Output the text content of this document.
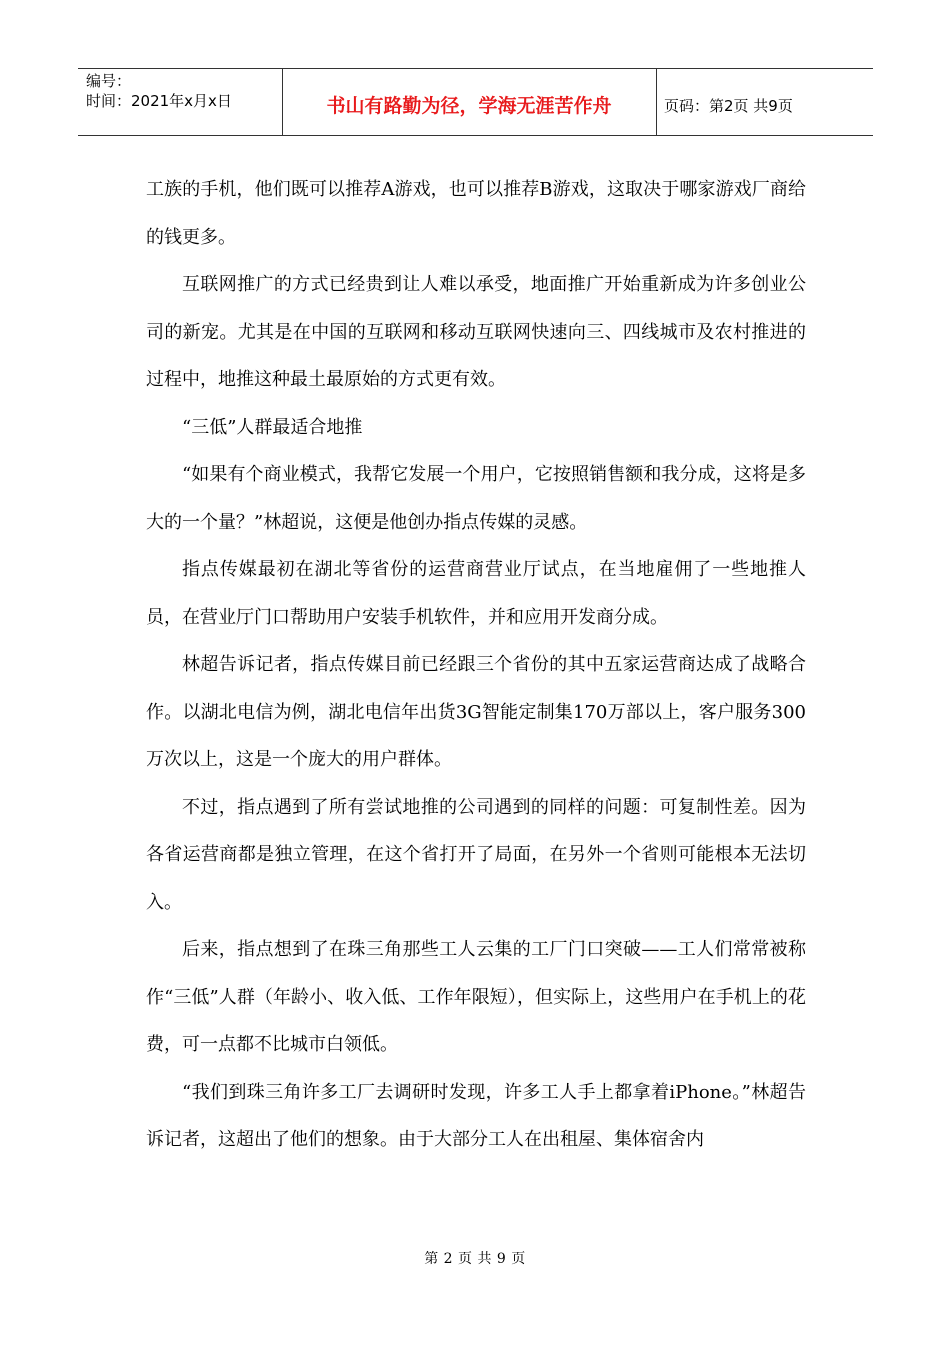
编号：
时间：2021年x月x日	书山有路勤为径，学海无涯苦作舟	页码：第2页 共9页

工族的手机，他们既可以推荐A游戏，也可以推荐B游戏，这取决于哪家游戏厂商给的钱更多。

互联网推广的方式已经贵到让人难以承受，地面推广开始重新成为许多创业公司的新宠。尤其是在中国的互联网和移动互联网快速向三、四线城市及农村推进的过程中，地推这种最土最原始的方式更有效。

“三低”人群最适合地推

“如果有个商业模式，我帮它发展一个用户，它按照销售额和我分成，这将是多大的一个量？”林超说，这便是他创办指点传媒的灵感。

指点传媒最初在湖北等省份的运营商营业厅试点，在当地雇佣了一些地推人员，在营业厅门口帮助用户安装手机软件，并和应用开发商分成。

林超告诉记者，指点传媒目前已经跟三个省份的其中五家运营商达成了战略合作。以湖北电信为例，湖北电信年出货3G智能定制集170万部以上，客户服务300万次以上，这是一个庞大的用户群体。

不过，指点遇到了所有尝试地推的公司遇到的同样的问题：可复制性差。因为各省运营商都是独立管理，在这个省打开了局面，在另外一个省则可能根本无法切入。

后来，指点想到了在珠三角那些工人云集的工厂门口突破——工人们常常被称作“三低”人群（年龄小、收入低、工作年限短），但实际上，这些用户在手机上的花费，可一点都不比城市白领低。

“我们到珠三角许多工厂去调研时发现，许多工人手上都拿着iPhone。”林超告诉记者，这超出了他们的想象。由于大部分工人在出租屋、集体宿舍内

第 2 页 共 9 页
